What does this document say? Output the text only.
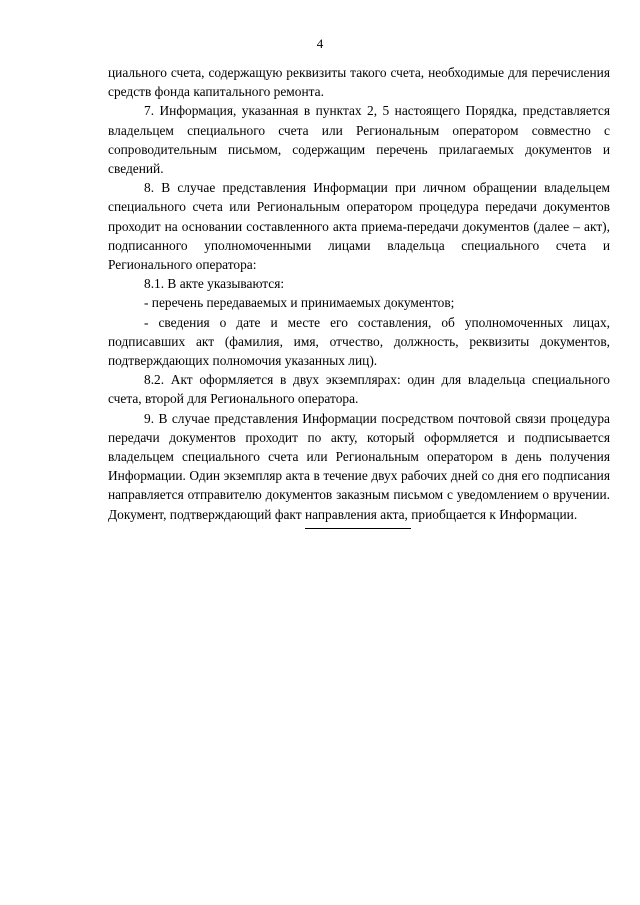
4

циального счета, содержащую реквизиты такого счета, необходимые для перечисления средств фонда капитального ремонта.

7. Информация, указанная в пунктах 2, 5 настоящего Порядка, представляется владельцем специального счета или Региональным оператором совместно с сопроводительным письмом, содержащим перечень прилагаемых документов и сведений.

8. В случае представления Информации при личном обращении владельцем специального счета или Региональным оператором процедура передачи документов проходит на основании составленного акта приема-передачи документов (далее – акт), подписанного уполномоченными лицами владельца специального счета и Регионального оператора:

8.1. В акте указываются:

- перечень передаваемых и принимаемых документов;

- сведения о дате и месте его составления, об уполномоченных лицах, подписавших акт (фамилия, имя, отчество, должность, реквизиты документов, подтверждающих полномочия указанных лиц).

8.2. Акт оформляется в двух экземплярах: один для владельца специального счета, второй для Регионального оператора.

9. В случае представления Информации посредством почтовой связи процедура передачи документов проходит по акту, который оформляется и подписывается владельцем специального счета или Региональным оператором в день получения Информации. Один экземпляр акта в течение двух рабочих дней со дня его подписания направляется отправителю документов заказным письмом с уведомлением о вручении. Документ, подтверждающий факт направления акта, приобщается к Информации.
